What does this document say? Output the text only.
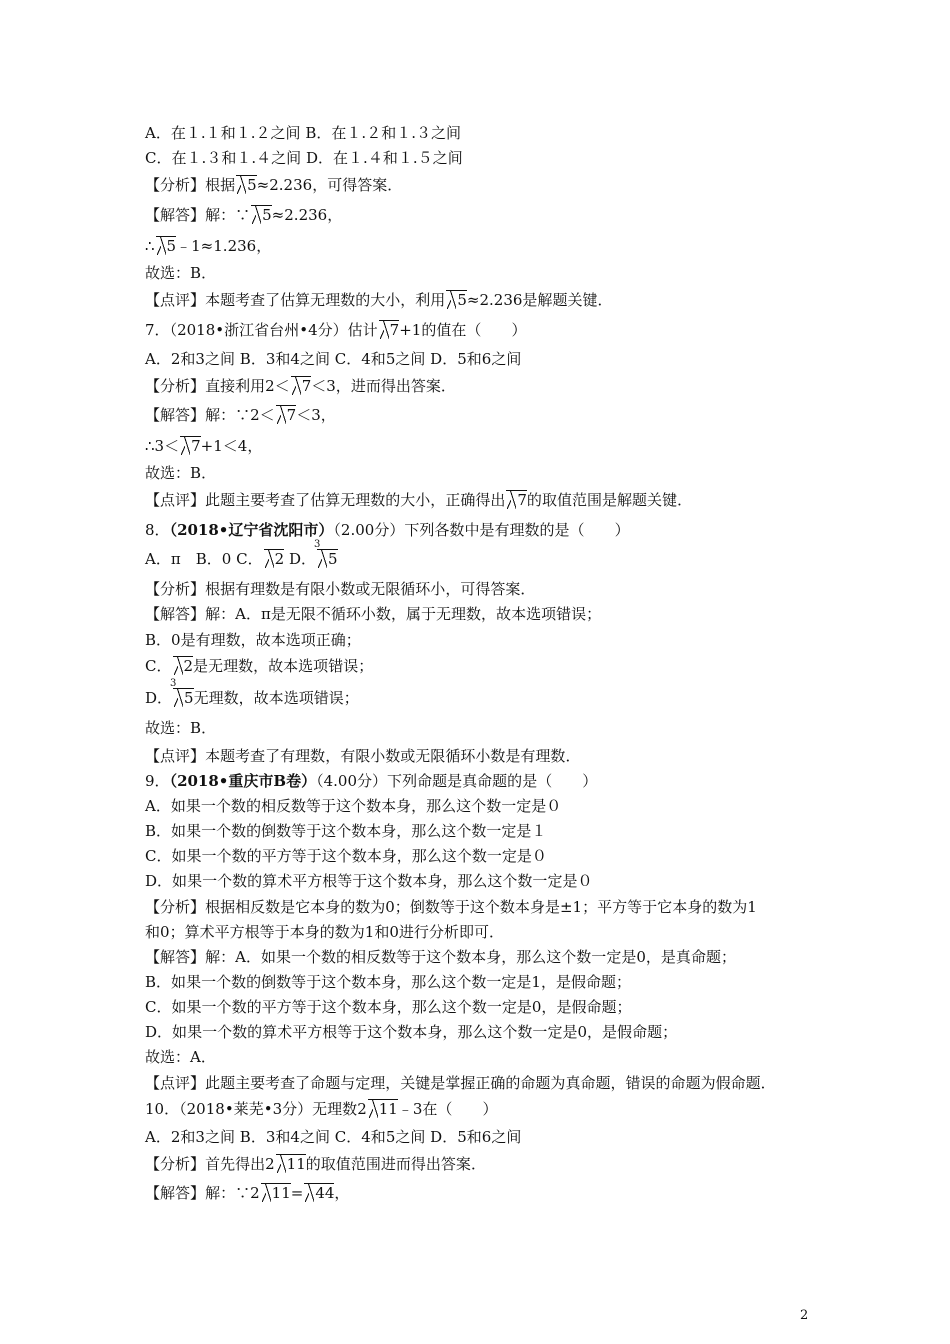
A．在１.１和１.２之间 B．在１.２和１.３之间
C．在１.３和１.４之间 D．在１.４和１.５之间
【分析】根据 5≈2.236，可得答案．
【解答】解：∵ 5≈2.236，
∴ 5﹣1≈1.236，
故选：B．
【点评】本题考查了估算无理数的大小，利用 5≈2.236是解题关键．
7．（2018•浙江省台州•4分）估计 7+1的值在（　　 ）
A．2和3之间 B．3和4之间 C．4和5之间 D．5和6之间
【分析】直接利用2＜ 7＜3，进而得出答案．
【解答】解：∵2＜ 7＜3，
∴3＜ 7+1＜4，
故选：B．
【点评】此题主要考查了估算无理数的大小，正确得出 7的取值范围是解题关键．
8．（2018•辽宁省沈阳市）（2.00分）下列各数中是有理数的是（　　 ）
A．π　 B．0 C． 2 D．
3 5
【分析】根据有理数是有限小数或无限循环小，可得答案．
【解答】解：A．π是无限不循环小数，属于无理数，故本选项错误；
B．0是有理数，故本选项正确；
C． 2是无理数，故本选项错误；
D．
3 5无理数，故本选项错误；
故选：B．
【点评】本题考查了有理数，有限小数或无限循环小数是有理数．
9．（2018•重庆市B卷）（4.00分）下列命题是真命题的是（　　 ）
A．如果一个数的相反数等于这个数本身，那么这个数一定是０
B．如果一个数的倒数等于这个数本身，那么这个数一定是１
C．如果一个数的平方等于这个数本身，那么这个数一定是０
D．如果一个数的算术平方根等于这个数本身，那么这个数一定是０
【分析】根据相反数是它本身的数为0；倒数等于这个数本身是±1；平方等于它本身的数为1
和0；算术平方根等于本身的数为1和0进行分析即可．
【解答】解：A．如果一个数的相反数等于这个数本身，那么这个数一定是0，是真命题；
B．如果一个数的倒数等于这个数本身，那么这个数一定是1，是假命题；
C．如果一个数的平方等于这个数本身，那么这个数一定是0，是假命题；
D．如果一个数的算术平方根等于这个数本身，那么这个数一定是0，是假命题；
故选：A．
【点评】此题主要考查了命题与定理，关键是掌握正确的命题为真命题，错误的命题为假命题．
10．（2018•莱芜•3分）无理数2 11﹣3在（　　 ）
A．2和3之间 B．3和4之间 C．4和5之间 D．5和6之间
【分析】首先得出2 11的取值范围进而得出答案．
【解答】解：∵2 11= 44，
2
